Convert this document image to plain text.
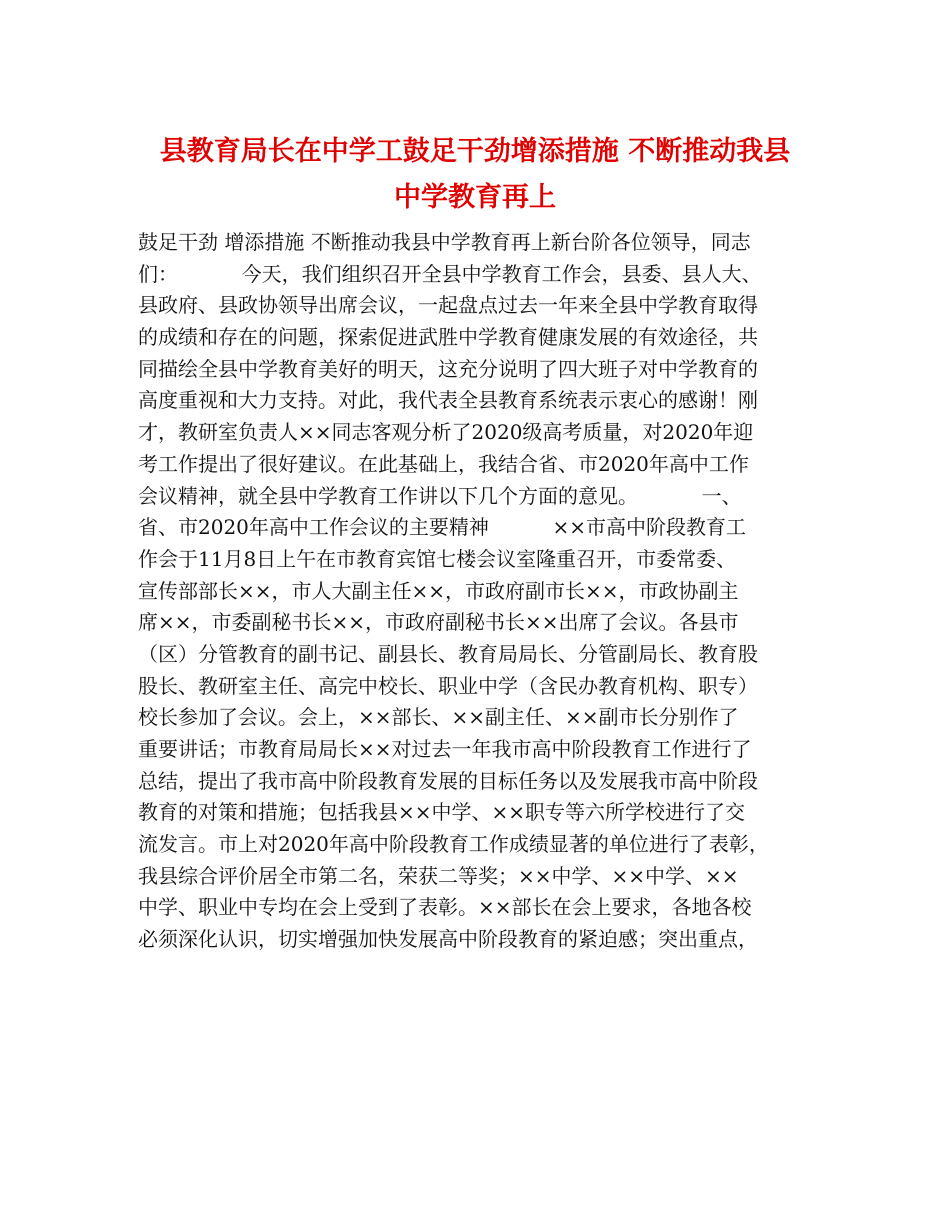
县教育局长在中学工鼓足干劲增添措施 不断推动我县
中学教育再上
鼓足干劲 增添措施 不断推动我县中学教育再上新台阶各位领导，同志
们：          今天，我们组织召开全县中学教育工作会，县委、县人大、
县政府、县政协领导出席会议，一起盘点过去一年来全县中学教育取得
的成绩和存在的问题，探索促进武胜中学教育健康发展的有效途径，共
同描绘全县中学教育美好的明天，这充分说明了四大班子对中学教育的
高度重视和大力支持。对此，我代表全县教育系统表示衷心的感谢！刚
才，教研室负责人××同志客观分析了2020级高考质量，对2020年迎
考工作提出了很好建议。在此基础上，我结合省、市2020年高中工作
会议精神，就全县中学教育工作讲以下几个方面的意见。          一、
省、市2020年高中工作会议的主要精神          ××市高中阶段教育工
作会于11月8日上午在市教育宾馆七楼会议室隆重召开，市委常委、
宣传部部长××，市人大副主任××，市政府副市长××，市政协副主
席××，市委副秘书长××，市政府副秘书长××出席了会议。各县市
（区）分管教育的副书记、副县长、教育局局长、分管副局长、教育股
股长、教研室主任、高完中校长、职业中学（含民办教育机构、职专）
校长参加了会议。会上，××部长、××副主任、××副市长分别作了
重要讲话；市教育局局长××对过去一年我市高中阶段教育工作进行了
总结，提出了我市高中阶段教育发展的目标任务以及发展我市高中阶段
教育的对策和措施；包括我县××中学、××职专等六所学校进行了交
流发言。市上对2020年高中阶段教育工作成绩显著的单位进行了表彰，
我县综合评价居全市第二名，荣获二等奖；××中学、××中学、××
中学、职业中专均在会上受到了表彰。××部长在会上要求，各地各校
必须深化认识，切实增强加快发展高中阶段教育的紧迫感；突出重点，
